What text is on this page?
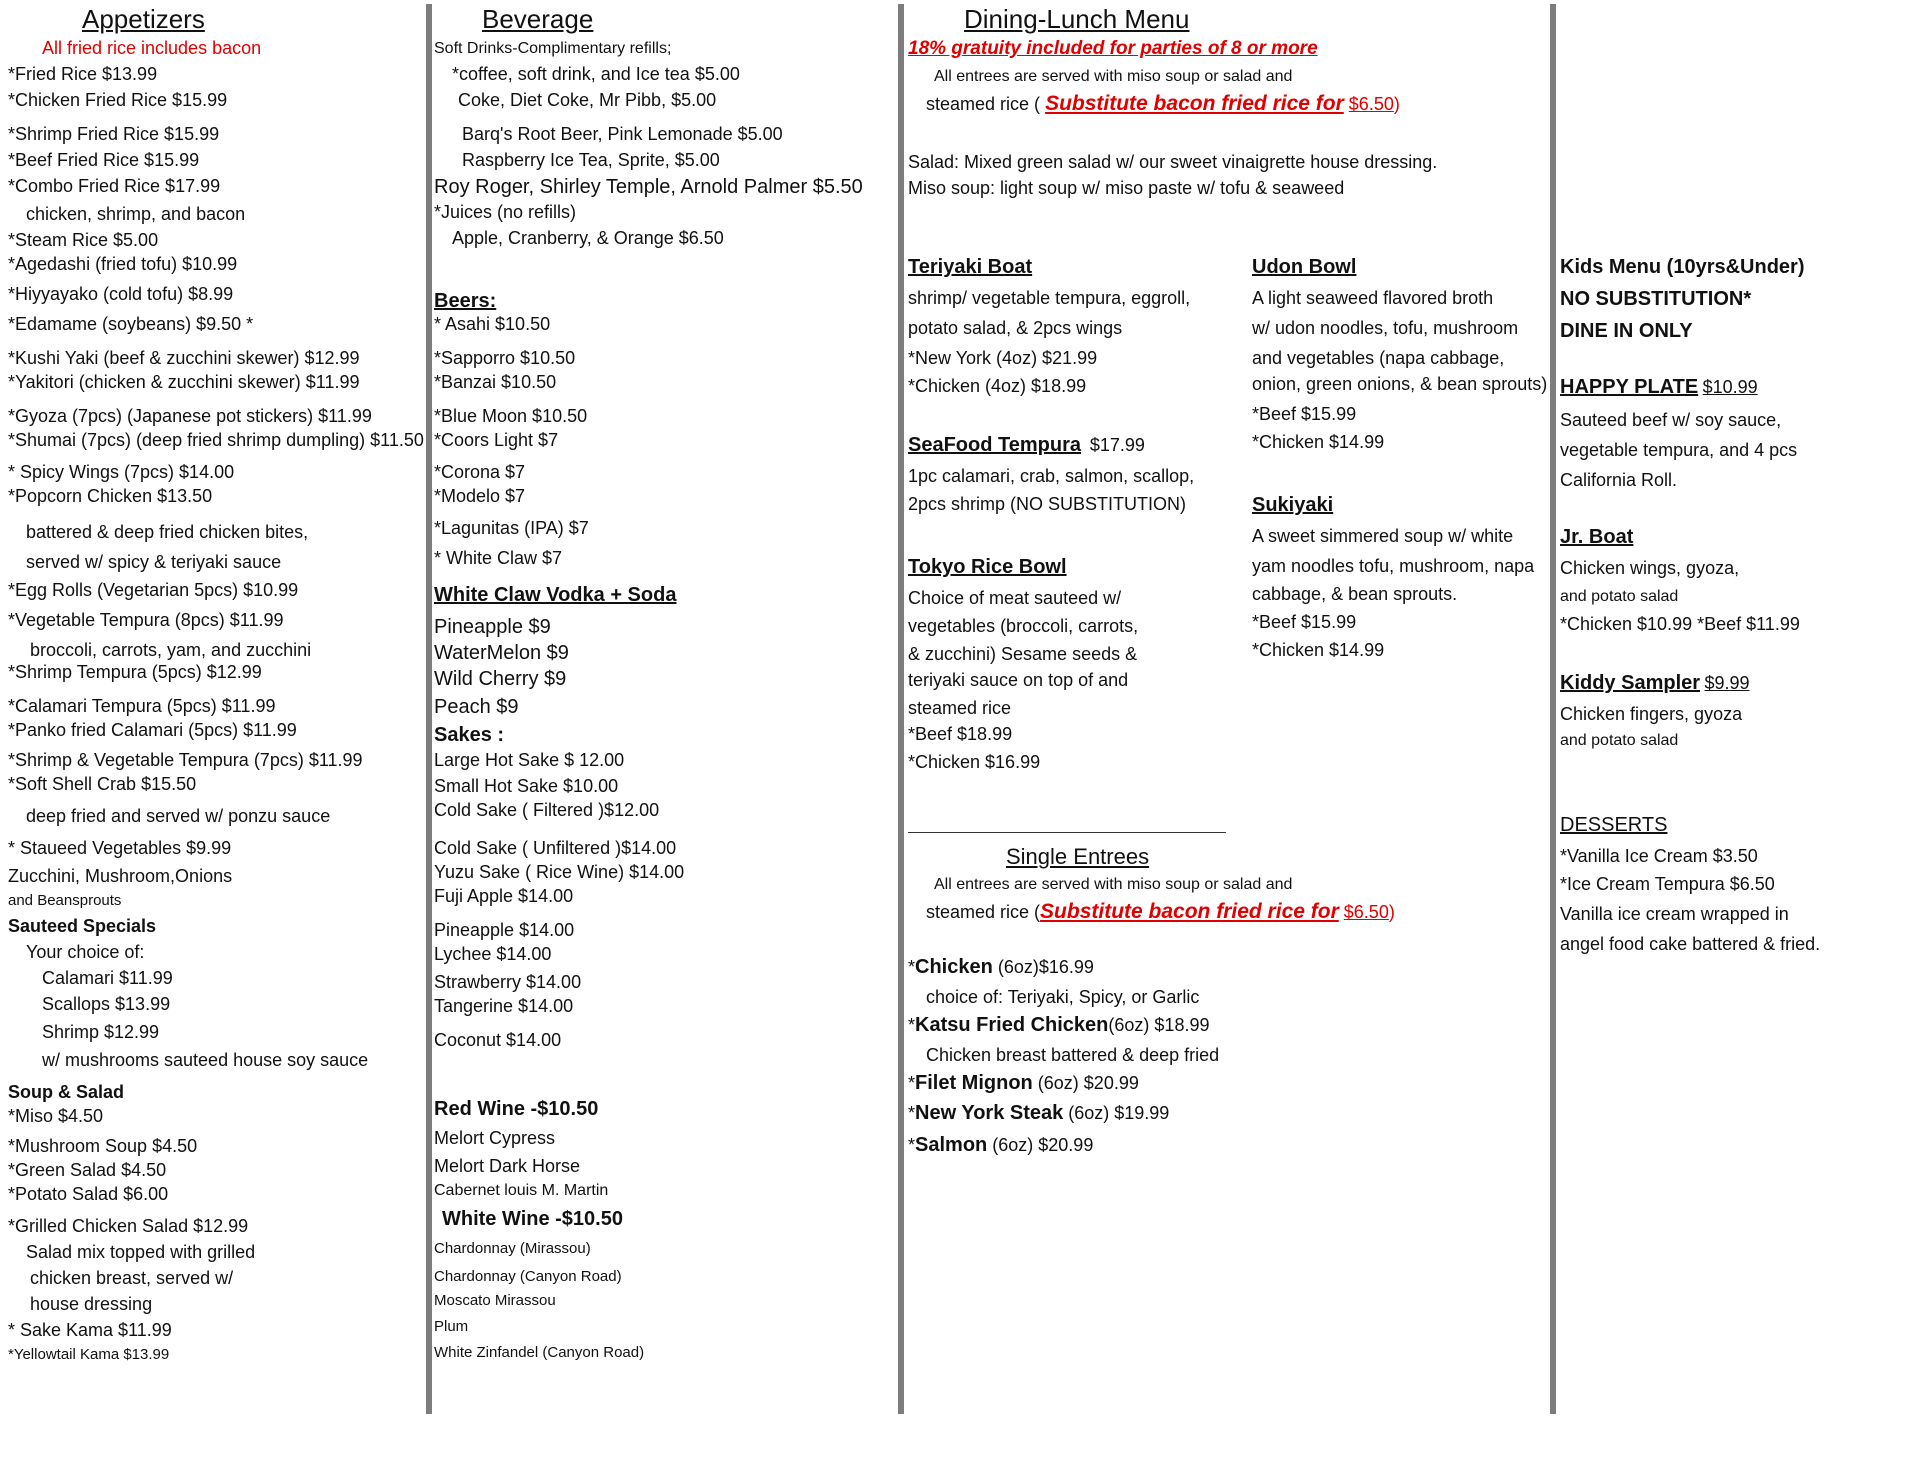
Appetizers
All fried rice includes bacon
*Fried Rice $13.99
*Chicken Fried Rice $15.99
*Shrimp Fried Rice $15.99
*Beef Fried Rice $15.99
*Combo Fried Rice $17.99
chicken, shrimp, and bacon
*Steam Rice $5.00
*Agedashi (fried tofu) $10.99
*Hiyyayako (cold tofu) $8.99
*Edamame (soybeans) $9.50 *
*Kushi Yaki (beef & zucchini skewer) $12.99
*Yakitori (chicken & zucchini skewer) $11.99
*Gyoza (7pcs) (Japanese pot stickers) $11.99
*Shumai (7pcs) (deep fried shrimp dumpling) $11.50
* Spicy Wings (7pcs) $14.00
*Popcorn Chicken $13.50
battered & deep fried chicken bites,
served w/ spicy & teriyaki sauce
*Egg Rolls (Vegetarian 5pcs) $10.99
*Vegetable Tempura (8pcs) $11.99
broccoli, carrots, yam, and zucchini
*Shrimp Tempura (5pcs) $12.99
*Calamari Tempura (5pcs) $11.99
*Panko fried Calamari (5pcs) $11.99
*Shrimp & Vegetable Tempura (7pcs) $11.99
*Soft Shell Crab $15.50
deep fried and served w/ ponzu sauce
* Staueed Vegetables $9.99
Zucchini, Mushroom,Onions
and Beansprouts
Sauteed Specials
Your choice of:
Calamari $11.99
Scallops $13.99
Shrimp $12.99
w/ mushrooms sauteed house soy sauce
Soup & Salad
*Miso $4.50
*Mushroom Soup $4.50
*Green Salad $4.50
*Potato Salad $6.00
*Grilled Chicken Salad $12.99
Salad mix topped with grilled
chicken breast, served w/
house dressing
* Sake Kama $11.99
*Yellowtail Kama $13.99
Beverage
Soft Drinks-Complimentary refills;
*coffee, soft drink, and Ice tea $5.00
Coke, Diet Coke, Mr Pibb, $5.00
Barq's Root Beer, Pink Lemonade $5.00
Raspberry Ice Tea, Sprite, $5.00
Roy Roger, Shirley Temple, Arnold Palmer $5.50
*Juices (no refills)
Apple, Cranberry, & Orange $6.50
Beers:
* Asahi $10.50
*Sapporro $10.50
*Banzai $10.50
*Blue Moon $10.50
*Coors Light $7
*Corona $7
*Modelo $7
*Lagunitas (IPA) $7
* White Claw $7
White Claw Vodka + Soda
Pineapple $9
WaterMelon $9
Wild Cherry $9
Peach $9
Sakes :
Large Hot Sake $ 12.00
Small Hot Sake $10.00
Cold Sake ( Filtered )$12.00
Cold Sake ( Unfiltered )$14.00
Yuzu Sake ( Rice Wine) $14.00
Fuji Apple $14.00
Pineapple $14.00
Lychee $14.00
Strawberry $14.00
Tangerine $14.00
Coconut $14.00
Red Wine -$10.50
Melort Cypress
Melort Dark Horse
Cabernet louis M. Martin
White Wine -$10.50
Chardonnay (Mirassou)
Chardonnay (Canyon Road)
Moscato Mirassou
Plum
White Zinfandel (Canyon Road)
Dining-Lunch Menu
18% gratuity included for parties of 8 or more
All entrees are served with miso soup or salad and
steamed rice ( Substitute bacon fried rice for $6.50)
Salad: Mixed green salad w/ our sweet vinaigrette house dressing.
Miso soup: light soup w/ miso paste w/ tofu & seaweed
Teriyaki Boat
shrimp/ vegetable tempura, eggroll,
potato salad, & 2pcs wings
*New York (4oz) $21.99
*Chicken (4oz) $18.99
SeaFood Tempura $17.99
1pc calamari, crab, salmon, scallop,
2pcs shrimp (NO SUBSTITUTION)
Tokyo Rice Bowl
Choice of meat sauteed w/
vegetables (broccoli, carrots,
& zucchini) Sesame seeds &
teriyaki sauce on top of and
steamed rice
*Beef $18.99
*Chicken $16.99
Udon Bowl
A light seaweed flavored broth
w/ udon noodles, tofu, mushroom
and vegetables (napa cabbage,
onion, green onions, & bean sprouts)
*Beef $15.99
*Chicken $14.99
Sukiyaki
A sweet simmered soup w/ white
yam noodles tofu, mushroom, napa
cabbage, & bean sprouts.
*Beef $15.99
*Chicken $14.99
Single Entrees
All entrees are served with miso soup or salad and
steamed rice (Substitute bacon fried rice for $6.50)
*Chicken (6oz)$16.99
choice of: Teriyaki, Spicy, or Garlic
*Katsu Fried Chicken(6oz) $18.99
Chicken breast battered & deep fried
*Filet Mignon (6oz) $20.99
*New York Steak (6oz) $19.99
*Salmon (6oz) $20.99
Kids Menu (10yrs&Under)
NO SUBSTITUTION*
DINE IN ONLY
HAPPY PLATE $10.99
Sauteed beef w/ soy sauce,
vegetable tempura, and 4 pcs
California Roll.
Jr. Boat
Chicken wings, gyoza,
and potato salad
*Chicken $10.99 *Beef $11.99
Kiddy Sampler $9.99
Chicken fingers, gyoza
and potato salad
DESSERTS
*Vanilla Ice Cream $3.50
*Ice Cream Tempura $6.50
Vanilla ice cream wrapped in
angel food cake battered & fried.
